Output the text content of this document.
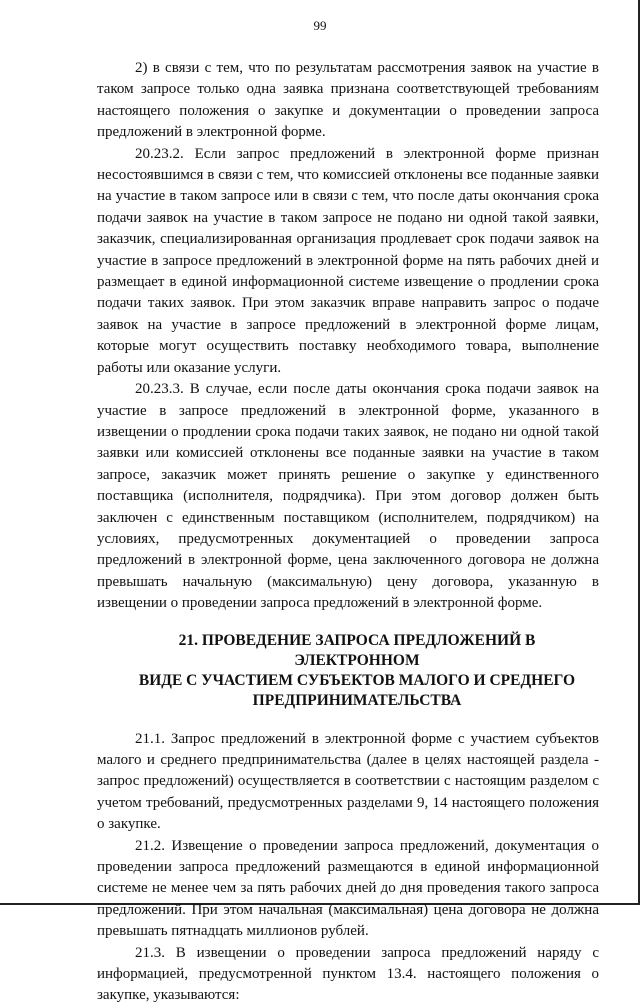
99

2) в связи с тем, что по результатам рассмотрения заявок на участие в таком запросе только одна заявка признана соответствующей требованиям настоящего положения о закупке и документации о проведении запроса предложений в электронной форме.

20.23.2. Если запрос предложений в электронной форме признан несостоявшимся в связи с тем, что комиссией отклонены все поданные заявки на участие в таком запросе или в связи с тем, что после даты окончания срока подачи заявок на участие в таком запросе не подано ни одной такой заявки, заказчик, специализированная организация продлевает срок подачи заявок на участие в запросе предложений в электронной форме на пять рабочих дней и размещает в единой информационной системе извещение о продлении срока подачи таких заявок. При этом заказчик вправе направить запрос о подаче заявок на участие в запросе предложений в электронной форме лицам, которые могут осуществить поставку необходимого товара, выполнение работы или оказание услуги.

20.23.3. В случае, если после даты окончания срока подачи заявок на участие в запросе предложений в электронной форме, указанного в извещении о продлении срока подачи таких заявок, не подано ни одной такой заявки или комиссией отклонены все поданные заявки на участие в таком запросе, заказчик может принять решение о закупке у единственного поставщика (исполнителя, подрядчика). При этом договор должен быть заключен с единственным поставщиком (исполнителем, подрядчиком) на условиях, предусмотренных документацией о проведении запроса предложений в электронной форме, цена заключенного договора не должна превышать начальную (максимальную) цену договора, указанную в извещении о проведении запроса предложений в электронной форме.

21. ПРОВЕДЕНИЕ ЗАПРОСА ПРЕДЛОЖЕНИЙ В ЭЛЕКТРОННОМ
ВИДЕ С УЧАСТИЕМ СУБЪЕКТОВ МАЛОГО И СРЕДНЕГО
ПРЕДПРИНИМАТЕЛЬСТВА

21.1. Запрос предложений в электронной форме с участием субъектов малого и среднего предпринимательства (далее в целях настоящей раздела - запрос предложений) осуществляется в соответствии с настоящим разделом с учетом требований, предусмотренных разделами 9, 14 настоящего положения о закупке.

21.2. Извещение о проведении запроса предложений, документация о проведении запроса предложений размещаются в единой информационной системе не менее чем за пять рабочих дней до дня проведения такого запроса предложений. При этом начальная (максимальная) цена договора не должна превышать пятнадцать миллионов рублей.

21.3. В извещении о проведении запроса предложений наряду с информацией, предусмотренной пунктом 13.4. настоящего положения о закупке, указываются:
